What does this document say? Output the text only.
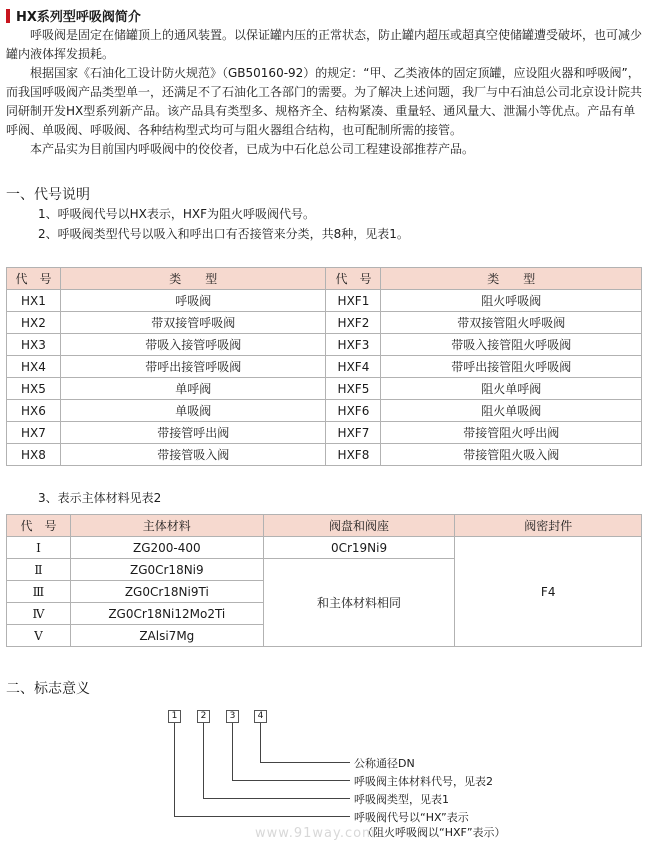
HX系列型呼吸阀简介

呼吸阀是固定在储罐顶上的通风装置。以保证罐内压的正常状态，防止罐内超压或超真空使储罐遭受破坏，也可减少罐内液体挥发损耗。

根据国家《石油化工设计防火规范》（GB50160-92）的规定：“甲、乙类液体的固定顶罐，应设阻火器和呼吸阀”，而我国呼吸阀产品类型单一，还满足不了石油化工各部门的需要。为了解决上述问题，我厂与中石油总公司北京设计院共同研制开发HX型系列新产品。该产品具有类型多、规格齐全、结构紧凑、重量轻、通风量大、泄漏小等优点。产品有单呼阀、单吸阀、呼吸阀、各种结构型式均可与阻火器组合结构，也可配制所需的接管。

本产品实为目前国内呼吸阀中的佼佼者，已成为中石化总公司工程建设部推荐产品。

一、代号说明
1、呼吸阀代号以HX表示，HXF为阻火呼吸阀代号。
2、呼吸阀类型代号以吸入和呼出口有否接管来分类，共8种，见表1。
代　号	类　　型	代　号	类　　型
HX1	呼吸阀	HXF1	阻火呼吸阀
HX2	带双接管呼吸阀	HXF2	带双接管阻火呼吸阀
HX3	带吸入接管呼吸阀	HXF3	带吸入接管阻火呼吸阀
HX4	带呼出接管呼吸阀	HXF4	带呼出接管阻火呼吸阀
HX5	单呼阀	HXF5	阻火单呼阀
HX6	单吸阀	HXF6	阻火单吸阀
HX7	带接管呼出阀	HXF7	带接管阻火呼出阀
HX8	带接管吸入阀	HXF8	带接管阻火吸入阀
3、表示主体材料见表2
代　号	主体材料	阀盘和阀座	阀密封件
Ⅰ	ZG200-400	0Cr19Ni9	F4
Ⅱ	ZG0Cr18Ni9	和主体材料相同	
Ⅲ	ZG0Cr18Ni9Ti		
Ⅳ	ZG0Cr18Ni12Mo2Ti		
Ⅴ	ZAlsi7Mg		
二、标志意义
1	2	3	4
公称通径DN
呼吸阀主体材料代号，见表2
呼吸阀类型，见表1
呼吸阀代号以“HX”表示
（阻火呼吸阀以“HXF”表示）
www.91way.com
